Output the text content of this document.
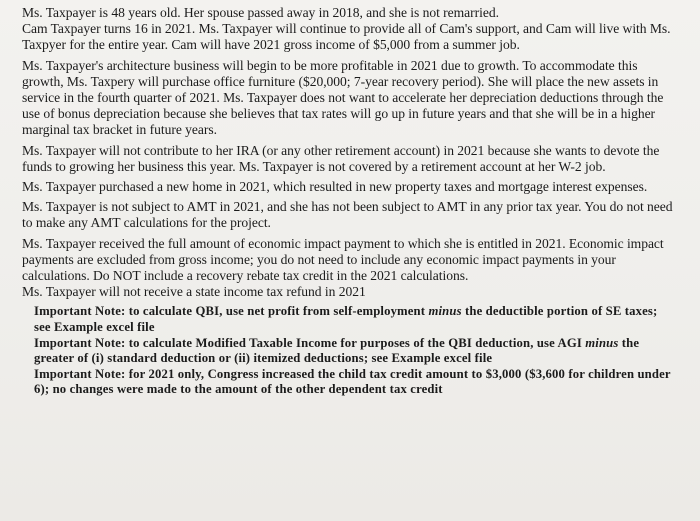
Ms. Taxpayer is 48 years old. Her spouse passed away in 2018, and she is not remarried.

Cam Taxpayer turns 16 in 2021. Ms. Taxpayer will continue to provide all of Cam's support, and Cam will live with Ms. Taxpyer for the entire year. Cam will have 2021 gross income of $5,000 from a summer job.

Ms. Taxpayer's architecture business will begin to be more profitable in 2021 due to growth. To accommodate this growth, Ms. Taxpery will purchase office furniture ($20,000; 7-year recovery period). She will place the new assets in service in the fourth quarter of 2021. Ms. Taxpayer does not want to accelerate her depreciation deductions through the use of bonus depreciation because she believes that tax rates will go up in future years and that she will be in a higher marginal tax bracket in future years.

Ms. Taxpayer will not contribute to her IRA (or any other retirement account) in 2021 because she wants to devote the funds to growing her business this year. Ms. Taxpayer is not covered by a retirement account at her W-2 job.

Ms. Taxpayer purchased a new home in 2021, which resulted in new property taxes and mortgage interest expenses.

Ms. Taxpayer is not subject to AMT in 2021, and she has not been subject to AMT in any prior tax year. You do not need to make any AMT calculations for the project.

Ms. Taxpayer received the full amount of economic impact payment to which she is entitled in 2021. Economic impact payments are excluded from gross income; you do not need to include any economic impact payments in your calculations. Do NOT include a recovery rebate tax credit in the 2021 calculations.

Ms. Taxpayer will not receive a state income tax refund in 2021

Important Note: to calculate QBI, use net profit from self-employment minus the deductible portion of SE taxes; see Example excel file

Important Note: to calculate Modified Taxable Income for purposes of the QBI deduction, use AGI minus the greater of (i) standard deduction or (ii) itemized deductions; see Example excel file

Important Note: for 2021 only, Congress increased the child tax credit amount to $3,000 ($3,600 for children under 6); no changes were made to the amount of the other dependent tax credit
